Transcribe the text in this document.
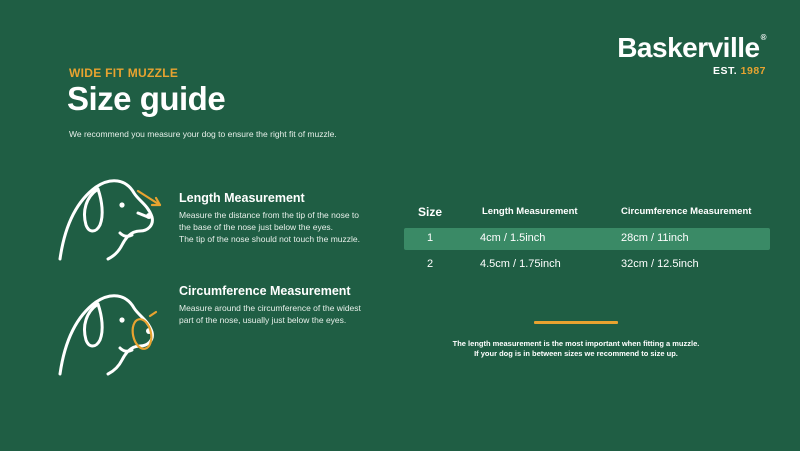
Baskerville®
EST. 1987
WIDE FIT MUZZLE
Size guide
We recommend you measure your dog to ensure the right fit of muzzle.
Length Measurement
Measure the distance from the tip of the nose to
the base of the nose just below the eyes.
The tip of the nose should not touch the muzzle.
Circumference Measurement
Measure around the circumference of the widest
part of the nose, usually just below the eyes.
Size	Length Measurement	Circumference Measurement
1	4cm / 1.5inch	28cm / 11inch
2	4.5cm / 1.75inch	32cm / 12.5inch
The length measurement is the most important when fitting a muzzle.
If your dog is in between sizes we recommend to size up.
